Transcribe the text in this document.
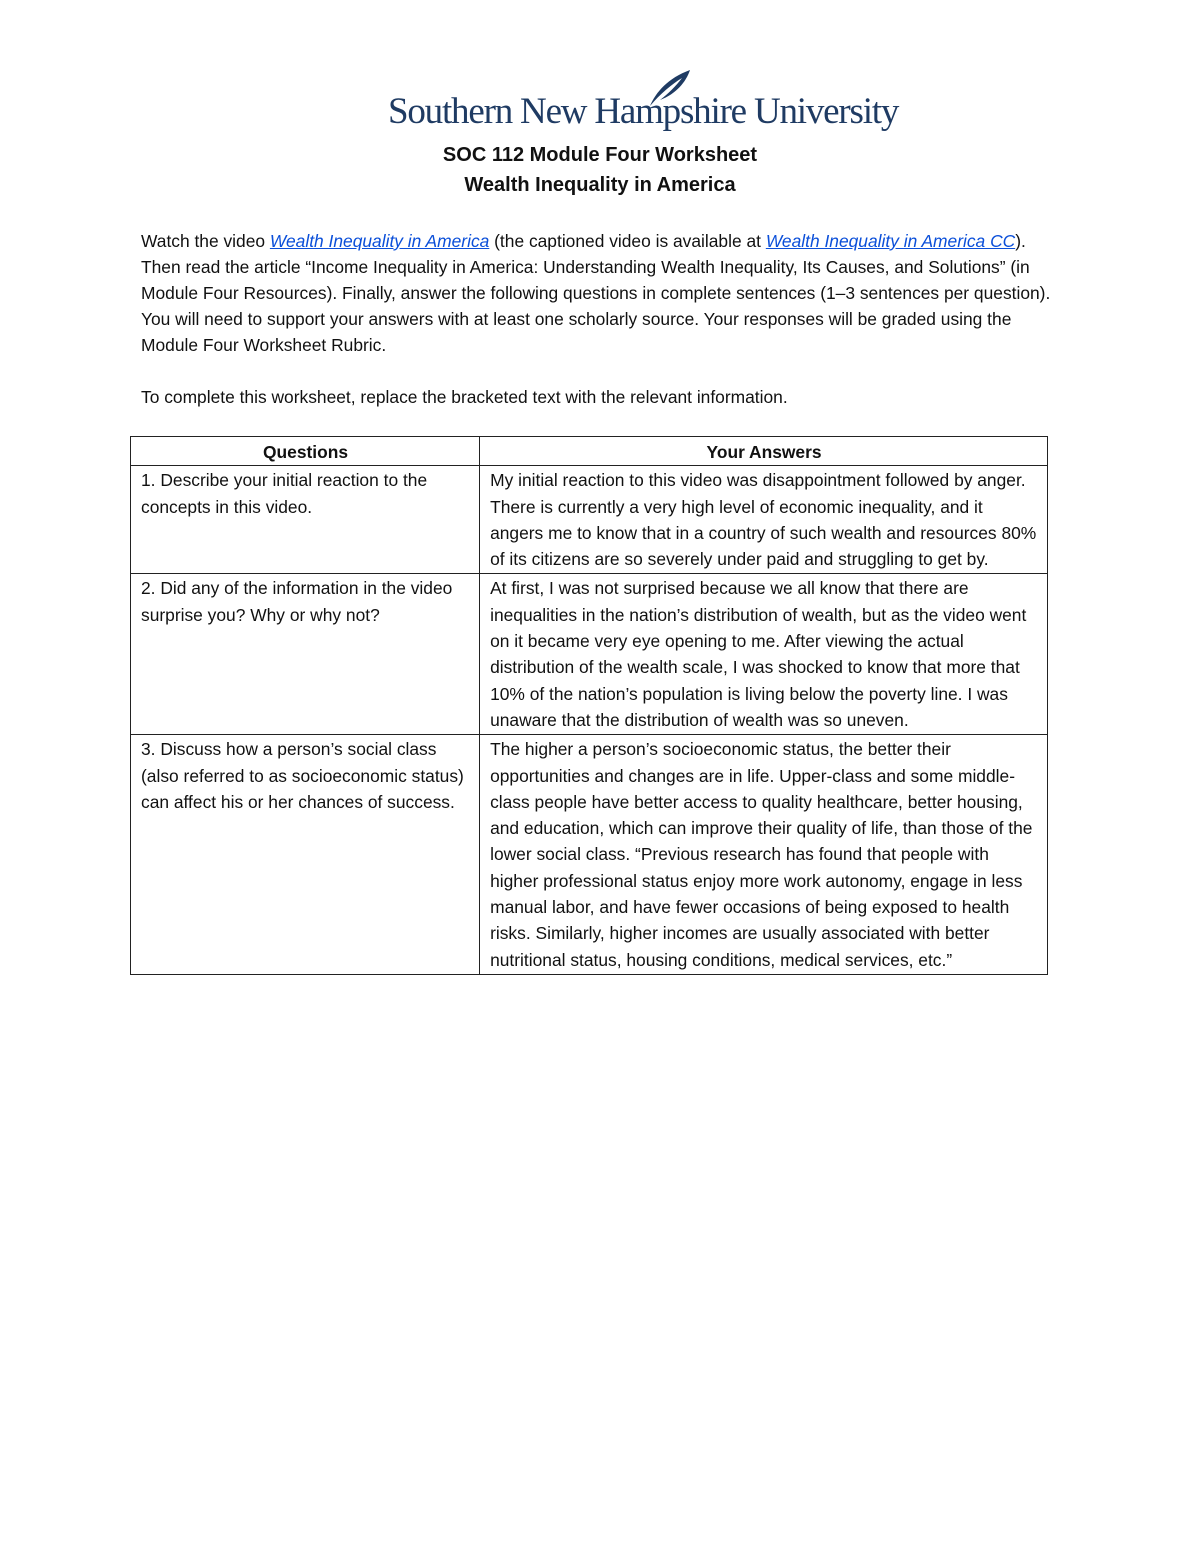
Southern New Hampshire University
SOC 112 Module Four Worksheet
Wealth Inequality in America

Watch the video Wealth Inequality in America (the captioned video is available at Wealth Inequality in America CC). Then read the article “Income Inequality in America: Understanding Wealth Inequality, Its Causes, and Solutions” (in Module Four Resources). Finally, answer the following questions in complete sentences (1–3 sentences per question). You will need to support your answers with at least one scholarly source. Your responses will be graded using the Module Four Worksheet Rubric.

To complete this worksheet, replace the bracketed text with the relevant information.

Questions	Your Answers
1. Describe your initial reaction to the concepts in this video.	My initial reaction to this video was disappointment followed by anger. There is currently a very high level of economic inequality, and it angers me to know that in a country of such wealth and resources 80% of its citizens are so severely under paid and struggling to get by.
2. Did any of the information in the video surprise you? Why or why not?	At first, I was not surprised because we all know that there are inequalities in the nation’s distribution of wealth, but as the video went on it became very eye opening to me. After viewing the actual distribution of the wealth scale, I was shocked to know that more that 10% of the nation’s population is living below the poverty line. I was unaware that the distribution of wealth was so uneven.
3. Discuss how a person’s social class (also referred to as socioeconomic status) can affect his or her chances of success.	The higher a person’s socioeconomic status, the better their opportunities and changes are in life. Upper-class and some middle-class people have better access to quality healthcare, better housing, and education, which can improve their quality of life, than those of the lower social class. “Previous research has found that people with higher professional status enjoy more work autonomy, engage in less manual labor, and have fewer occasions of being exposed to health risks. Similarly, higher incomes are usually associated with better nutritional status, housing conditions, medical services, etc.”
